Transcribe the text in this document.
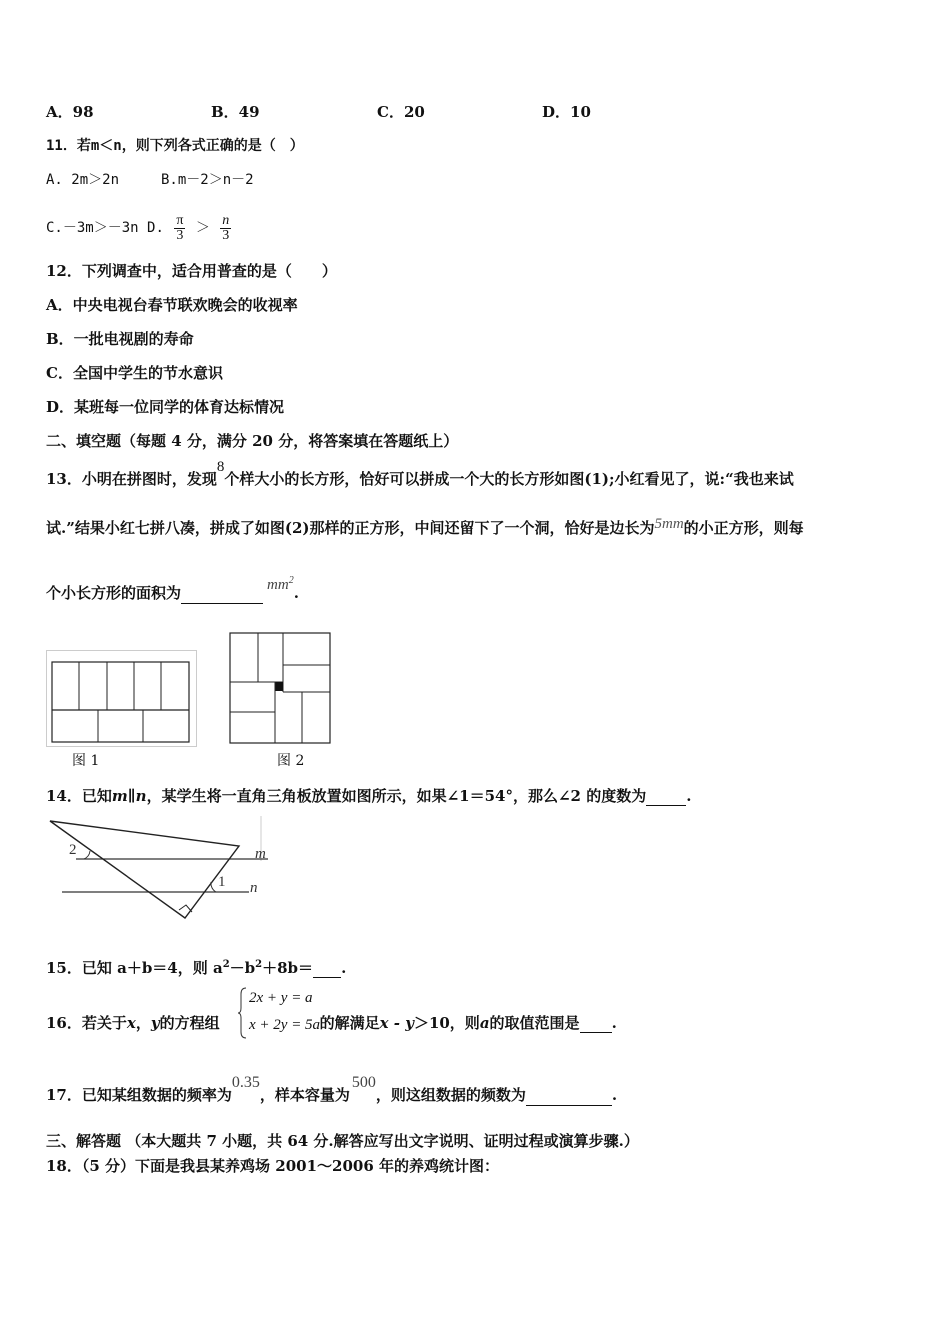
A．98	B．49	C．20	D．10
11．若m＜n，则下列各式正确的是（　）
A. 2m＞2n	B.m－2＞n－2
C.－3m＞－3n D. $\frac{\pi}{3} > \frac{n}{3}$
12．下列调查中，适合用普查的是（　　）
A．中央电视台春节联欢晚会的收视率
B．一批电视剧的寿命
C．全国中学生的节水意识
D．某班每一位同学的体育达标情况
二、填空题（每题 4 分，满分 20 分，将答案填在答题纸上）
13．小明在拼图时，发现8个样大小的长方形，恰好可以拼成一个大的长方形如图(1);小红看见了，说:“我也来试
试.”结果小红七拼八凑，拼成了如图(2)那样的正方形，中间还留下了一个洞，恰好是边长为5mm的小正方形，则每
个小长方形的面积为	$mm^2$.
图 1	图 2
14．已知m∥n，某学生将一直角三角板放置如图所示，如果∠1＝54°，那么∠2 的度数为	.
2
1
m
n
15．已知 a＋b＝4，则 $a^2-b^2+8b=$ .
16．若关于x，y的方程组	的解满足x - y＞10，则a的取值范围是 .
2x + y = a
x + 2y = 5a
17．已知某组数据的频率为0.35，样本容量为500，则这组数据的频数为	.
三、解答题 （本大题共 7 小题，共 64 分.解答应写出文字说明、证明过程或演算步骤.）
18．（5 分）下面是我县某养鸡场 2001～2006 年的养鸡统计图：
